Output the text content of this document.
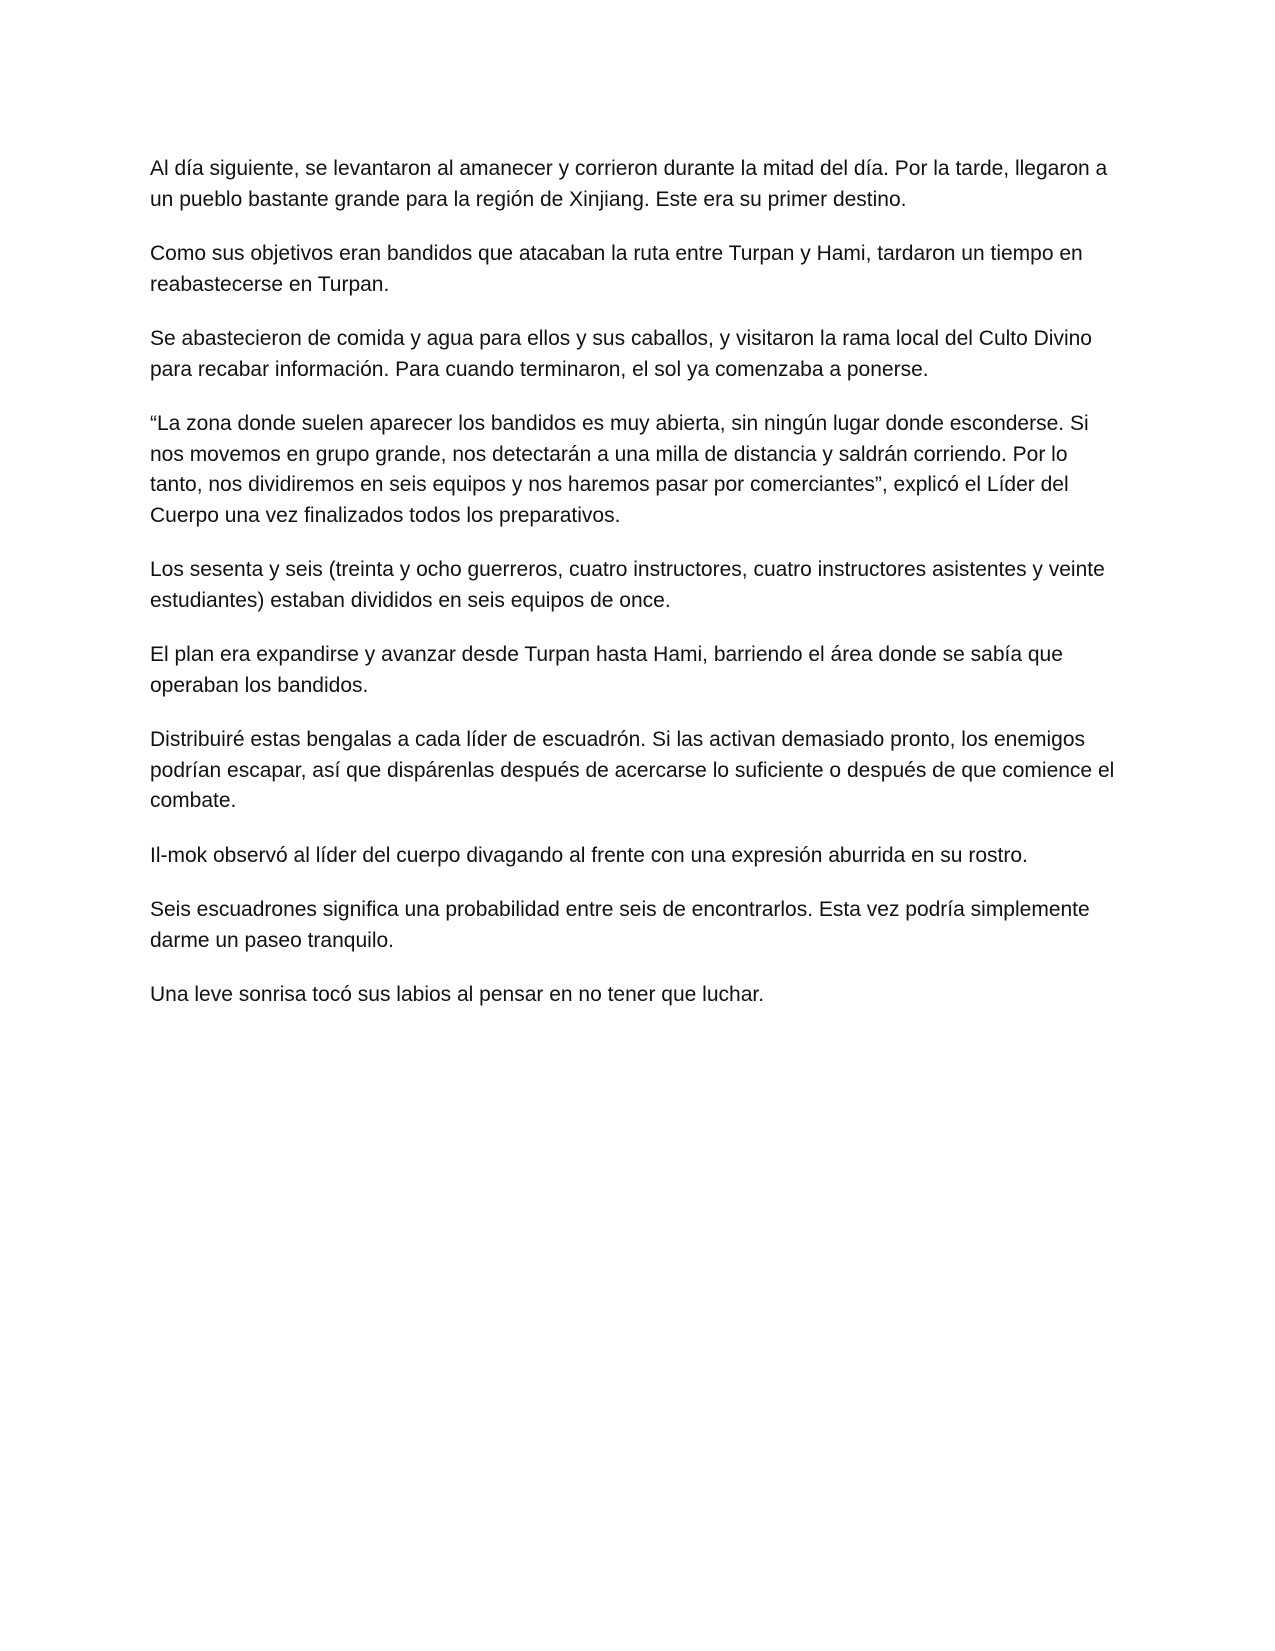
Al día siguiente, se levantaron al amanecer y corrieron durante la mitad del día. Por la tarde, llegaron a un pueblo bastante grande para la región de Xinjiang. Este era su primer destino.

Como sus objetivos eran bandidos que atacaban la ruta entre Turpan y Hami, tardaron un tiempo en reabastecerse en Turpan.

Se abastecieron de comida y agua para ellos y sus caballos, y visitaron la rama local del Culto Divino para recabar información. Para cuando terminaron, el sol ya comenzaba a ponerse.

“La zona donde suelen aparecer los bandidos es muy abierta, sin ningún lugar donde esconderse. Si nos movemos en grupo grande, nos detectarán a una milla de distancia y saldrán corriendo. Por lo tanto, nos dividiremos en seis equipos y nos haremos pasar por comerciantes”, explicó el Líder del Cuerpo una vez finalizados todos los preparativos.

Los sesenta y seis (treinta y ocho guerreros, cuatro instructores, cuatro instructores asistentes y veinte estudiantes) estaban divididos en seis equipos de once.

El plan era expandirse y avanzar desde Turpan hasta Hami, barriendo el área donde se sabía que operaban los bandidos.

Distribuiré estas bengalas a cada líder de escuadrón. Si las activan demasiado pronto, los enemigos podrían escapar, así que dispárenlas después de acercarse lo suficiente o después de que comience el combate.

Il-mok observó al líder del cuerpo divagando al frente con una expresión aburrida en su rostro.

Seis escuadrones significa una probabilidad entre seis de encontrarlos. Esta vez podría simplemente darme un paseo tranquilo.

Una leve sonrisa tocó sus labios al pensar en no tener que luchar.
